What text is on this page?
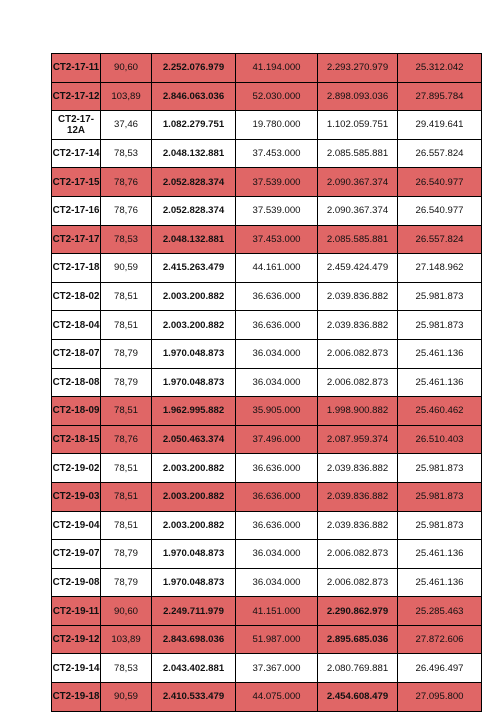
CT2-17-11	90,60	2.252.076.979	41.194.000	2.293.270.979	25.312.042
CT2-17-12	103,89	2.846.063.036	52.030.000	2.898.093.036	27.895.784
CT2-17-12A	37,46	1.082.279.751	19.780.000	1.102.059.751	29.419.641
CT2-17-14	78,53	2.048.132.881	37.453.000	2.085.585.881	26.557.824
CT2-17-15	78,76	2.052.828.374	37.539.000	2.090.367.374	26.540.977
CT2-17-16	78,76	2.052.828.374	37.539.000	2.090.367.374	26.540.977
CT2-17-17	78,53	2.048.132.881	37.453.000	2.085.585.881	26.557.824
CT2-17-18	90,59	2.415.263.479	44.161.000	2.459.424.479	27.148.962
CT2-18-02	78,51	2.003.200.882	36.636.000	2.039.836.882	25.981.873
CT2-18-04	78,51	2.003.200.882	36.636.000	2.039.836.882	25.981.873
CT2-18-07	78,79	1.970.048.873	36.034.000	2.006.082.873	25.461.136
CT2-18-08	78,79	1.970.048.873	36.034.000	2.006.082.873	25.461.136
CT2-18-09	78,51	1.962.995.882	35.905.000	1.998.900.882	25.460.462
CT2-18-15	78,76	2.050.463.374	37.496.000	2.087.959.374	26.510.403
CT2-19-02	78,51	2.003.200.882	36.636.000	2.039.836.882	25.981.873
CT2-19-03	78,51	2.003.200.882	36.636.000	2.039.836.882	25.981.873
CT2-19-04	78,51	2.003.200.882	36.636.000	2.039.836.882	25.981.873
CT2-19-07	78,79	1.970.048.873	36.034.000	2.006.082.873	25.461.136
CT2-19-08	78,79	1.970.048.873	36.034.000	2.006.082.873	25.461.136
CT2-19-11	90,60	2.249.711.979	41.151.000	2.290.862.979	25.285.463
CT2-19-12	103,89	2.843.698.036	51.987.000	2.895.685.036	27.872.606
CT2-19-14	78,53	2.043.402.881	37.367.000	2.080.769.881	26.496.497
CT2-19-18	90,59	2.410.533.479	44.075.000	2.454.608.479	27.095.800
